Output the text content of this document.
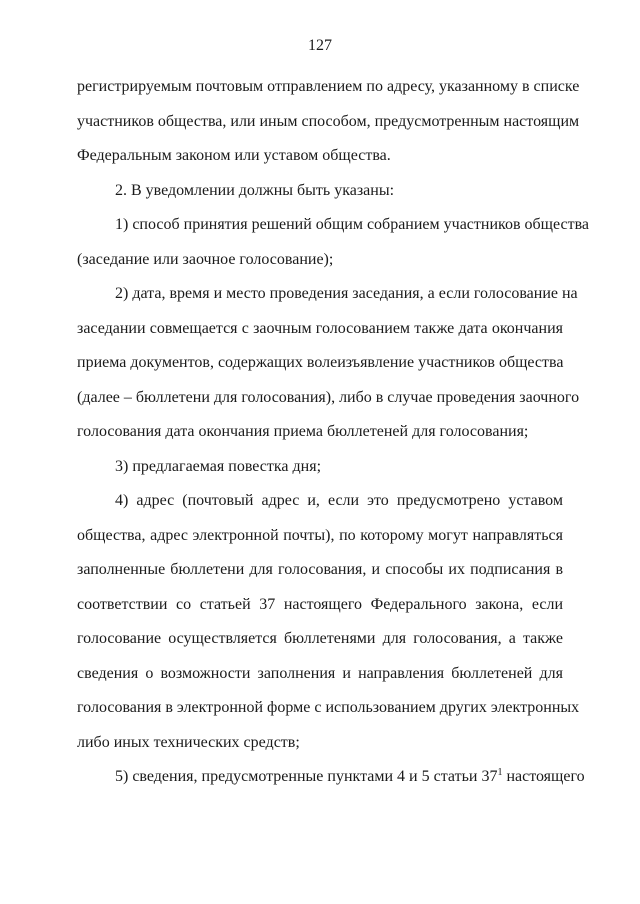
127
регистрируемым почтовым отправлением по адресу, указанному в списке
участников общества, или иным способом, предусмотренным настоящим
Федеральным законом или уставом общества.
2. В уведомлении должны быть указаны:
1) способ принятия решений общим собранием участников общества
(заседание или заочное голосование);
2) дата, время и место проведения заседания, а если голосование на
заседании совмещается с заочным голосованием также дата окончания
приема документов, содержащих волеизъявление участников общества
(далее – бюллетени для голосования), либо в случае проведения заочного
голосования дата окончания приема бюллетеней для голосования;
3) предлагаемая повестка дня;
4) адрес (почтовый адрес и, если это предусмотрено уставом
общества, адрес электронной почты), по которому могут направляться
заполненные бюллетени для голосования, и способы их подписания в
соответствии со статьей 37 настоящего Федерального закона, если
голосование осуществляется бюллетенями для голосования, а также
сведения о возможности заполнения и направления бюллетеней для
голосования в электронной форме с использованием других электронных
либо иных технических средств;
5) сведения, предусмотренные пунктами 4 и 5 статьи $37^1$ настоящего
